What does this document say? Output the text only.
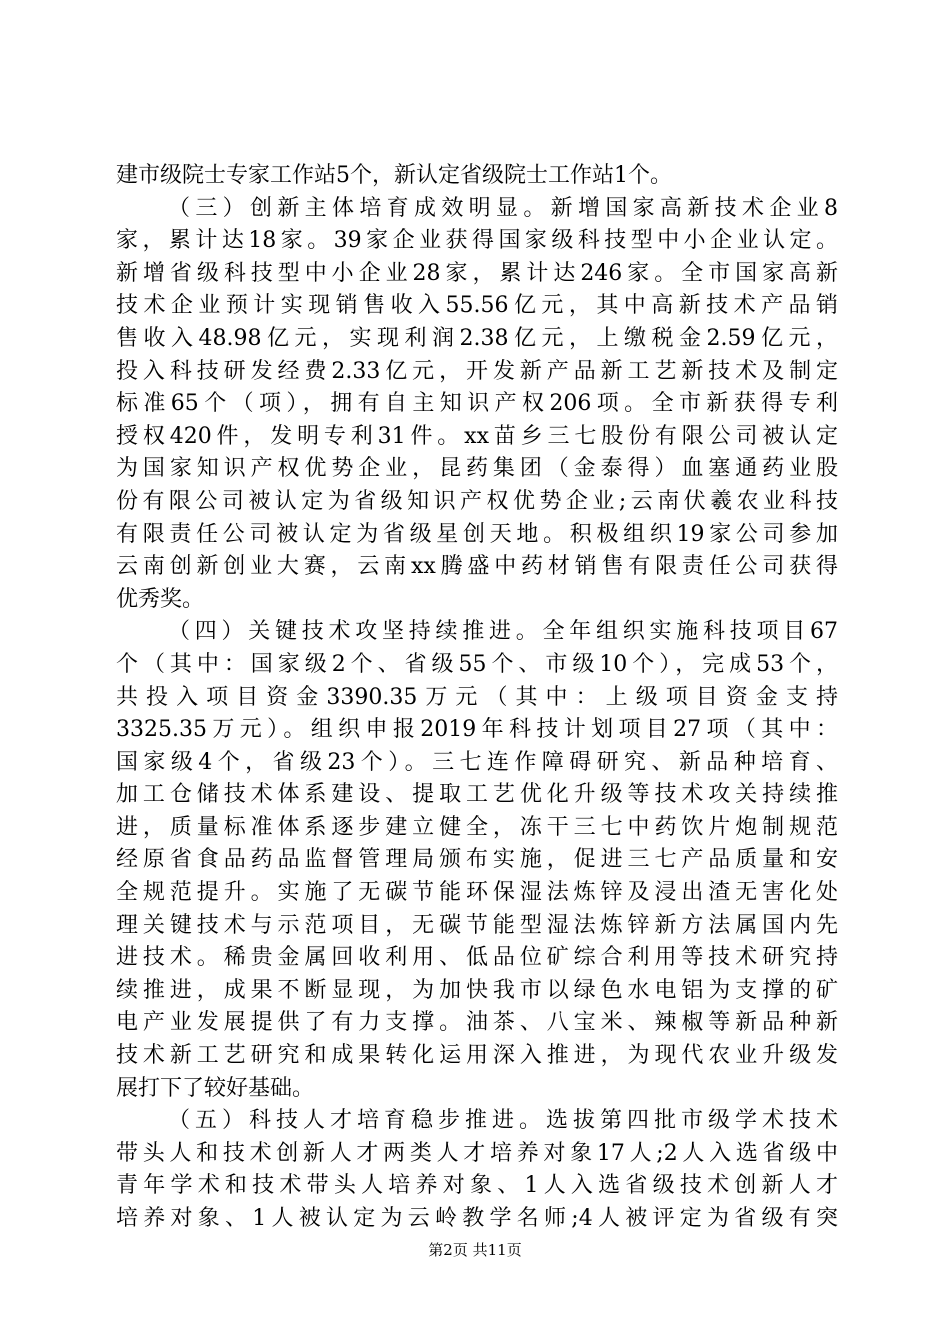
建市级院士专家工作站5个，新认定省级院士工作站1个。
（三）创新主体培育成效明显。新增国家高新技术企业8
家，累计达18家。39家企业获得国家级科技型中小企业认定。
新增省级科技型中小企业28家，累计达246家。全市国家高新
技术企业预计实现销售收入55.56亿元，其中高新技术产品销
售收入48.98亿元，实现利润2.38亿元，上缴税金2.59亿元，
投入科技研发经费2.33亿元，开发新产品新工艺新技术及制定
标准65个（项），拥有自主知识产权206项。全市新获得专利
授权420件，发明专利31件。xx苗乡三七股份有限公司被认定
为国家知识产权优势企业，昆药集团（金泰得）血塞通药业股
份有限公司被认定为省级知识产权优势企业;云南伏羲农业科技
有限责任公司被认定为省级星创天地。积极组织19家公司参加
云南创新创业大赛，云南xx腾盛中药材销售有限责任公司获得
优秀奖。
（四）关键技术攻坚持续推进。全年组织实施科技项目67
个（其中：国家级2个、省级55个、市级10个），完成53个，
共投入项目资金3390.35万元（其中：上级项目资金支持
3325.35万元）。组织申报2019年科技计划项目27项（其中：
国家级4个，省级23个）。三七连作障碍研究、新品种培育、
加工仓储技术体系建设、提取工艺优化升级等技术攻关持续推
进，质量标准体系逐步建立健全，冻干三七中药饮片炮制规范
经原省食品药品监督管理局颁布实施，促进三七产品质量和安
全规范提升。实施了无碳节能环保湿法炼锌及浸出渣无害化处
理关键技术与示范项目，无碳节能型湿法炼锌新方法属国内先
进技术。稀贵金属回收利用、低品位矿综合利用等技术研究持
续推进，成果不断显现，为加快我市以绿色水电铝为支撑的矿
电产业发展提供了有力支撑。油茶、八宝米、辣椒等新品种新
技术新工艺研究和成果转化运用深入推进，为现代农业升级发
展打下了较好基础。
（五）科技人才培育稳步推进。选拔第四批市级学术技术
带头人和技术创新人才两类人才培养对象17人;2人入选省级中
青年学术和技术带头人培养对象、1人入选省级技术创新人才
培养对象、1人被认定为云岭教学名师;4人被评定为省级有突
第2页 共11页
